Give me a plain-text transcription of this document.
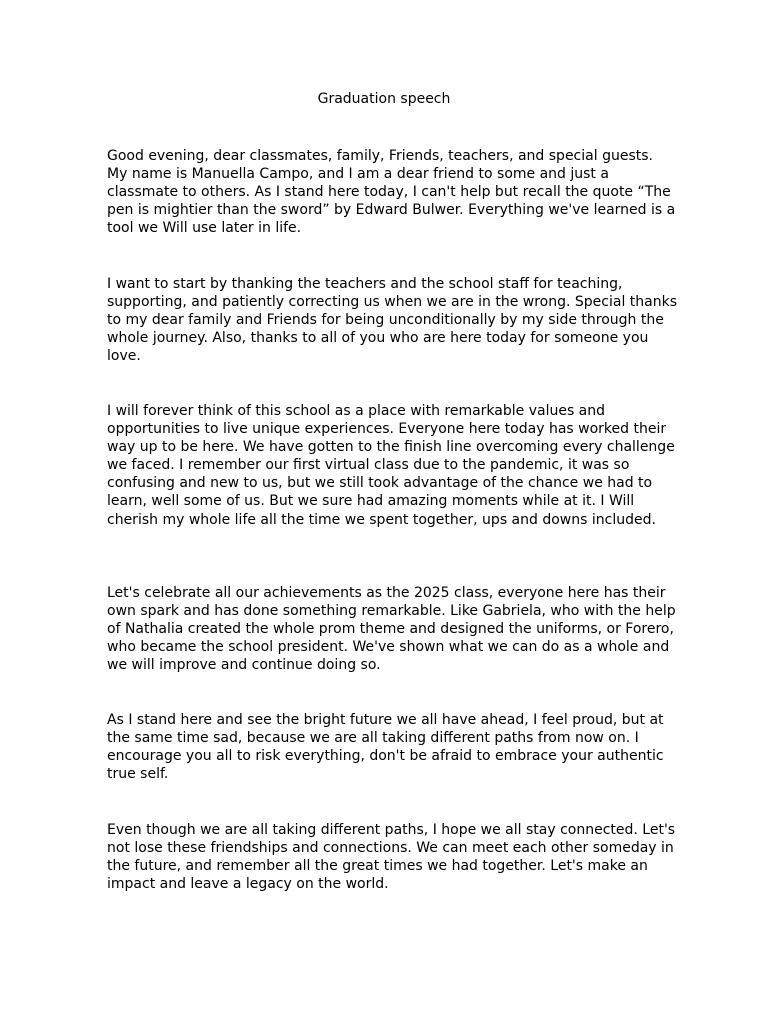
Graduation speech

Good evening, dear classmates, family, Friends, teachers, and special guests. My name is Manuella Campo, and I am a dear friend to some and just a classmate to others. As I stand here today, I can't help but recall the quote “The pen is mightier than the sword” by Edward Bulwer. Everything we've learned is a tool we Will use later in life.

I want to start by thanking the teachers and the school staff for teaching, supporting, and patiently correcting us when we are in the wrong. Special thanks to my dear family and Friends for being unconditionally by my side through the whole journey. Also, thanks to all of you who are here today for someone you love.

I will forever think of this school as a place with remarkable values and opportunities to live unique experiences. Everyone here today has worked their way up to be here. We have gotten to the finish line overcoming every challenge we faced. I remember our first virtual class due to the pandemic, it was so confusing and new to us, but we still took advantage of the chance we had to learn, well some of us. But we sure had amazing moments while at it. I Will cherish my whole life all the time we spent together, ups and downs included.

Let's celebrate all our achievements as the 2025 class, everyone here has their own spark and has done something remarkable. Like Gabriela, who with the help of Nathalia created the whole prom theme and designed the uniforms, or Forero, who became the school president. We've shown what we can do as a whole and we will improve and continue doing so.

As I stand here and see the bright future we all have ahead, I feel proud, but at the same time sad, because we are all taking different paths from now on. I encourage you all to risk everything, don't be afraid to embrace your authentic true self.

Even though we are all taking different paths, I hope we all stay connected. Let's not lose these friendships and connections. We can meet each other someday in the future, and remember all the great times we had together. Let's make an impact and leave a legacy on the world.
